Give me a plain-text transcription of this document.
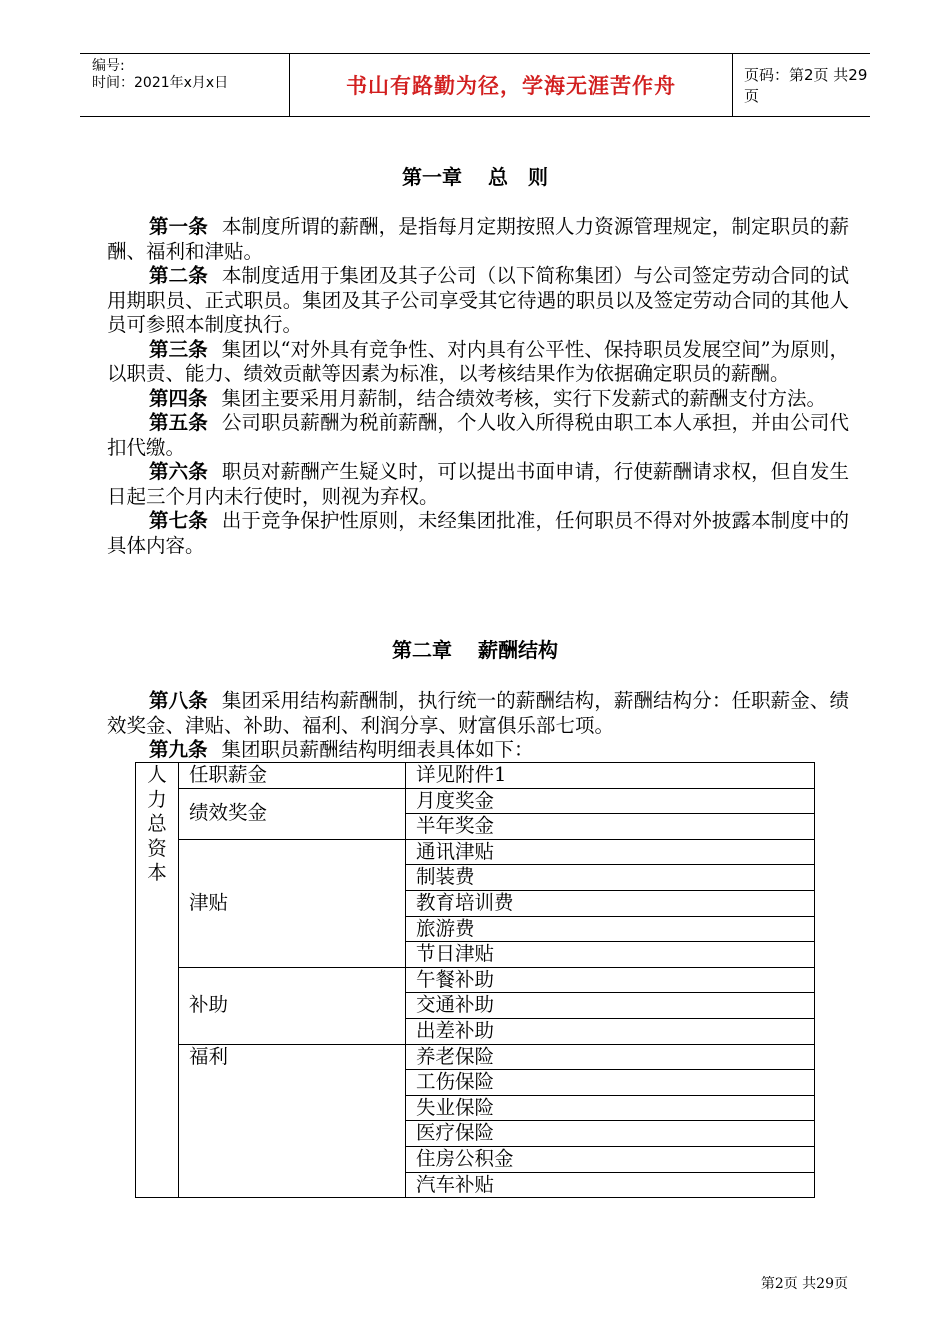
编号:
时间：2021年x月x日	书山有路勤为径，学海无涯苦作舟	页码：第2页 共29页
第一章 总　则

第一条 本制度所谓的薪酬，是指每月定期按照人力资源管理规定，制定职员的薪酬、福利和津贴。

第二条 本制度适用于集团及其子公司（以下简称集团）与公司签定劳动合同的试用期职员、正式职员。集团及其子公司享受其它待遇的职员以及签定劳动合同的其他人员可参照本制度执行。

第三条 集团以“对外具有竞争性、对内具有公平性、保持职员发展空间”为原则，以职责、能力、绩效贡献等因素为标准，以考核结果作为依据确定职员的薪酬。

第四条 集团主要采用月薪制，结合绩效考核，实行下发薪式的薪酬支付方法。

第五条 公司职员薪酬为税前薪酬，个人收入所得税由职工本人承担，并由公司代扣代缴。

第六条 职员对薪酬产生疑义时，可以提出书面申请，行使薪酬请求权，但自发生日起三个月内未行使时，则视为弃权。

第七条 出于竞争保护性原则，未经集团批准，任何职员不得对外披露本制度中的具体内容。

第二章 薪酬结构

第八条 集团采用结构薪酬制，执行统一的薪酬结构，薪酬结构分：任职薪金、绩效奖金、津贴、补助、福利、利润分享、财富俱乐部七项。

第九条 集团职员薪酬结构明细表具体如下：

人
力
总
资
本	任职薪金	详见附件1
	绩效奖金	月度奖金
		半年奖金
	津贴	通讯津贴
		制装费
		教育培训费
		旅游费
		节日津贴
	补助	午餐补助
		交通补助
		出差补助
	福利	养老保险
		工伤保险
		失业保险
		医疗保险
		住房公积金
		汽车补贴
第2页 共29页
